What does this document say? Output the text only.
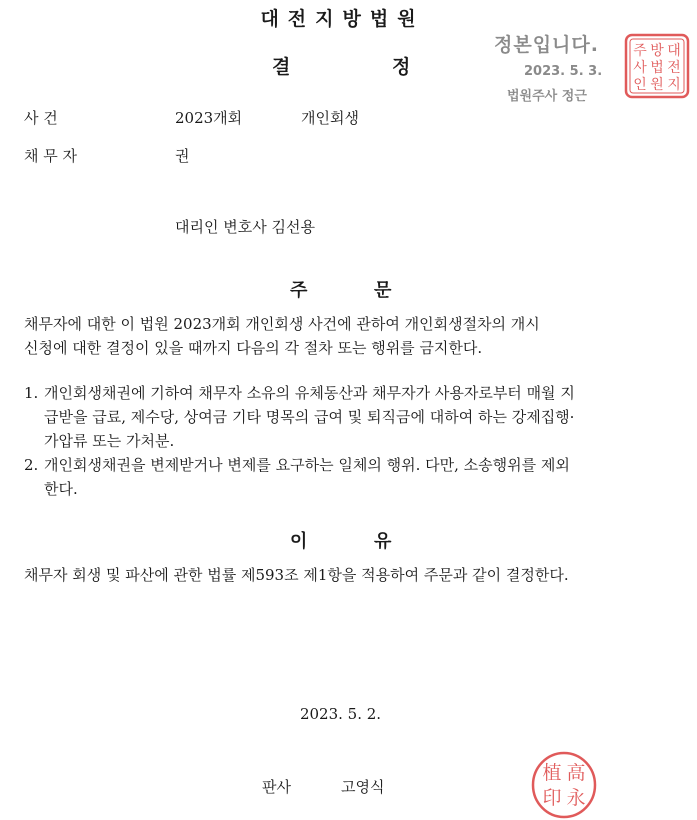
대전지방법원
결	정
정본입니다.
2023. 5. 3.
법원주사 정근
대
전
지
방
법
원
주
사
인
사 건	2023개회	개인회생
채 무 자	권
대리인 변호사 김선용
주	문
채무자에 대한 이 법원 2023개회 개인회생 사건에 관하여 개인회생절차의 개시
신청에 대한 결정이 있을 때까지 다음의 각 절차 또는 행위를 금지한다.
1. 개인회생채권에 기하여 채무자 소유의 유체동산과 채무자가 사용자로부터 매월 지
급받을 급료, 제수당, 상여금 기타 명목의 급여 및 퇴직금에 대하여 하는 강제집행·
가압류 또는 가처분.
2. 개인회생채권을 변제받거나 변제를 요구하는 일체의 행위. 다만, 소송행위를 제외
한다.
이	유
채무자 회생 및 파산에 관한 법률 제593조 제1항을 적용하여 주문과 같이 결정한다.
2023. 5. 2.
판사	고영식
高
永
植
印
